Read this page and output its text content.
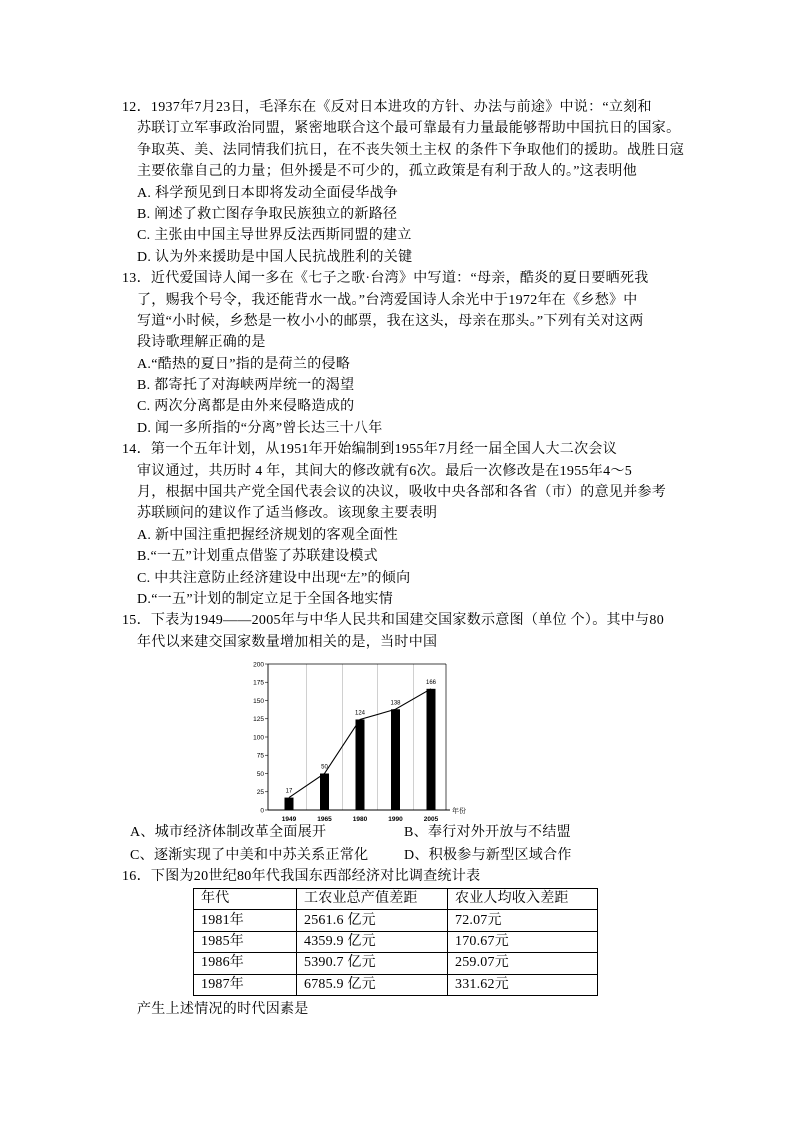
12．1937年7月23日，毛泽东在《反对日本进攻的方针、办法与前途》中说：“立刻和
苏联订立军事政治同盟，紧密地联合这个最可靠最有力量最能够帮助中国抗日的国家。
争取英、美、法同情我们抗日，在不丧失领土主权 的条件下争取他们的援助。战胜日寇
主要依靠自己的力量；但外援是不可少的，孤立政策是有利于敌人的。”这表明他
A. 科学预见到日本即将发动全面侵华战争
B. 阐述了救亡图存争取民族独立的新路径
C. 主张由中国主导世界反法西斯同盟的建立
D. 认为外来援助是中国人民抗战胜利的关键
13．近代爱国诗人闻一多在《七子之歌·台湾》中写道：“母亲，酷炎的夏日要晒死我
了，赐我个号令，我还能背水一战。”台湾爱国诗人余光中于1972年在《乡愁》中
写道“小时候，乡愁是一枚小小的邮票，我在这头，母亲在那头。”下列有关对这两
段诗歌理解正确的是
A.“酷热的夏日”指的是荷兰的侵略
B. 都寄托了对海峡两岸统一的渴望
C. 两次分离都是由外来侵略造成的
D. 闻一多所指的“分离”曾长达三十八年
14．第一个五年计划，从1951年开始编制到1955年7月经一届全国人大二次会议
审议通过，共历时 4 年，其间大的修改就有6次。最后一次修改是在1955年4～5
月，根据中国共产党全国代表会议的决议，吸收中央各部和各省（市）的意见并参考
苏联顾问的建议作了适当修改。该现象主要表明
A. 新中国注重把握经济规划的客观全面性
B.“一五”计划重点借鉴了苏联建设模式
C. 中共注意防止经济建设中出现“左”的倾向
D.“一五”计划的制定立足于全国各地实情
15．下表为1949——2005年与中华人民共和国建交国家数示意图（单位 个）。其中与80
年代以来建交国家数量增加相关的是，当时中国
0
25
50
75
100
125
150
175
200
17
50
124
138
166
1949	1965	1980	1990	2005
年份
A、城市经济体制改革全面展开	B、奉行对外开放与不结盟
C、逐渐实现了中美和中苏关系正常化	D、积极参与新型区域合作
16．下图为20世纪80年代我国东西部经济对比调查统计表
年代	工农业总产值差距	农业人均收入差距
1981年	2561.6 亿元	72.07元
1985年	4359.9 亿元	170.67元
1986年	5390.7 亿元	259.07元
1987年	6785.9 亿元	331.62元
产生上述情况的时代因素是
